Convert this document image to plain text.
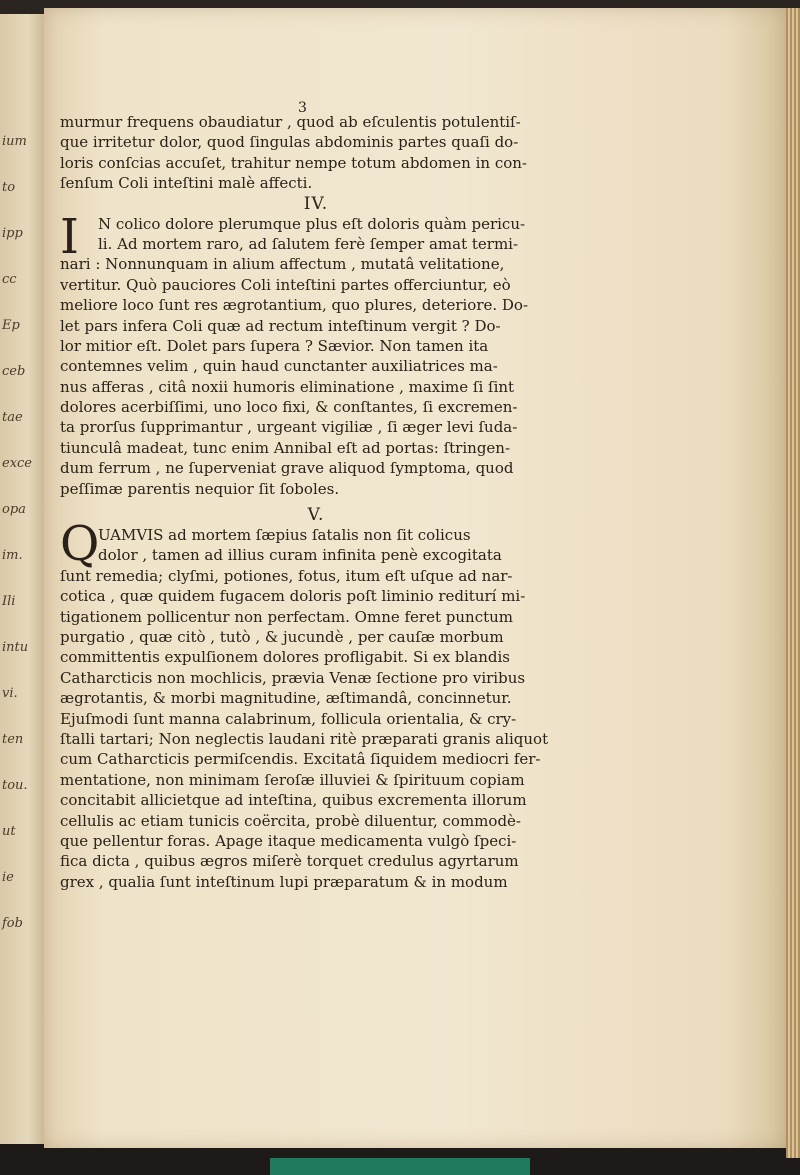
ium
to
ipp
cc
Ep
ceb
tae
exce
opa
im.
Ili
intu
vi.
ten
tou.
ut
ie
fob
3
murmur frequens obaudiatur , quod ab eſculentis potulentiſ-
que irritetur dolor, quod ſingulas abdominis partes quaſi do-
loris conſcias accuſet, trahitur nempe totum abdomen in con-
ſenſum Coli inteſtini malè affecti.
IV.
I	N colico dolore plerumque plus eſt doloris quàm pericu-
li. Ad mortem raro, ad ſalutem ferè ſemper amat termi-
nari : Nonnunquam in alium affectum , mutatâ velitatione,
vertitur. Quò pauciores Coli inteſtini partes offerciuntur, eò
meliore loco ſunt res ægrotantium, quo plures, deteriore. Do-
let pars infera Coli quæ ad rectum inteſtinum vergit ? Do-
lor mitior eſt. Dolet pars ſupera ? Sævior. Non tamen ita
contemnes velim , quin haud cunctanter auxiliatrices ma-
nus afferas , citâ noxii humoris eliminatione , maxime ſi ſint
dolores acerbiſſimi, uno loco fixi, & conſtantes, ſi excremen-
ta prorſus ſupprimantur , urgeant vigiliæ , ſi æger levi ſuda-
tiunculâ madeat, tunc enim Annibal eſt ad portas: ſtringen-
dum ferrum , ne ſuperveniat grave aliquod ſymptoma, quod
peſſimæ parentis nequior ſit ſoboles.
V.
Q
UAMVIS ad mortem ſæpius ſatalis non ſit colicus
dolor , tamen ad illius curam infinita penè excogitata
ſunt remedia; clyſmi, potiones, fotus, itum eſt uſque ad nar-
cotica , quæ quidem fugacem doloris poſt liminio rediturí mi-
tigationem pollicentur non perfectam. Omne feret punctum
purgatio , quæ citò , tutò , & jucundè , per cauſæ morbum
committentis expulſionem dolores profligabit. Si ex blandis
Catharcticis non mochlicis, prævia Venæ ſectione pro viribus
ægrotantis, & morbi magnitudine, æſtimandâ, concinnetur.
Ejuſmodi ſunt manna calabrinum, follicula orientalia, & cry-
ſtalli tartari; Non neglectis laudani ritè præparati granis aliquot
cum Catharcticis permiſcendis. Excitatâ ſiquidem mediocri fer-
mentatione, non minimam ſeroſæ illuviei & ſpirituum copiam
concitabit allicietque ad inteſtina, quibus excrementa illorum
cellulis ac etiam tunicis coërcita, probè diluentur, commodè-
que pellentur foras. Apage itaque medicamenta vulgò ſpeci-
fica dicta , quibus ægros miſerè torquet credulus agyrtarum
grex , qualia ſunt inteſtinum lupi præparatum & in modum
